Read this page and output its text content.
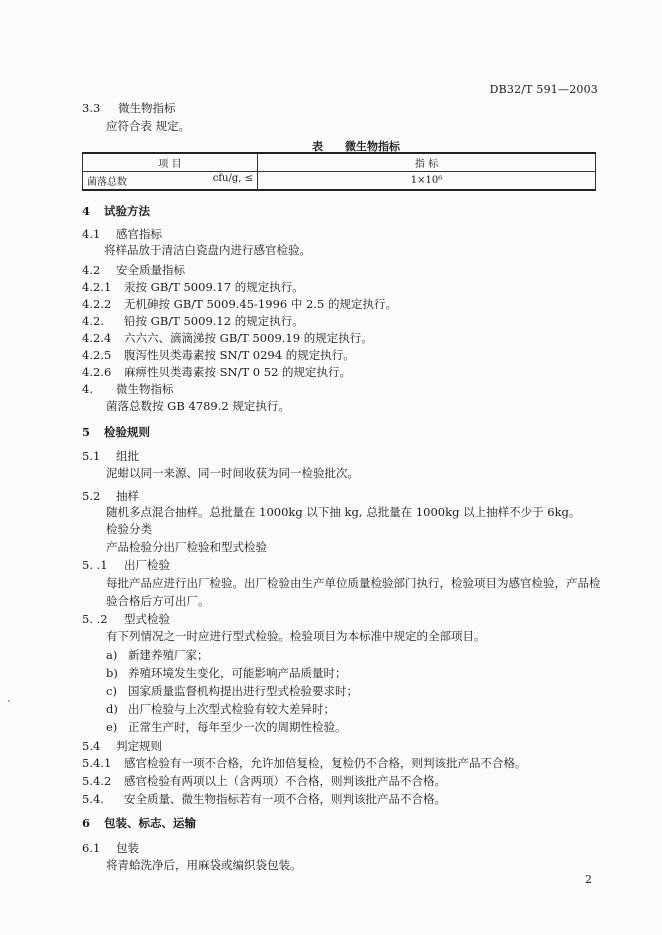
DB32/T 591—2003
3.3 微生物指标
应符合表 规定。
表 微生物指标
项 目	指 标
菌落总数 cfu/g, ≤	1×10⁶
4 试验方法
4.1 感官指标
将样品放于清洁白瓷盘内进行感官检验。
4.2 安全质量指标
4.2.1 汞按 GB/T 5009.17 的规定执行。
4.2.2 无机砷按 GB/T 5009.45-1996 中 2.5 的规定执行。
4.2. 铅按 GB/T 5009.12 的规定执行。
4.2.4 六六六、滴滴涕按 GB/T 5009.19 的规定执行。
4.2.5 腹泻性贝类毒素按 SN/T 0294 的规定执行。
4.2.6 麻痹性贝类毒素按 SN/T 0 52 的规定执行。
4. 微生物指标
菌落总数按 GB 4789.2 规定执行。
5 检验规则
5.1 组批
泥蚶以同一来源、同一时间收获为同一检验批次。
5.2 抽样
随机多点混合抽样。总批量在 1000kg 以下抽 kg, 总批量在 1000kg 以上抽样不少于 6kg。
检验分类
产品检验分出厂检验和型式检验
5. .1 出厂检验
每批产品应进行出厂检验。出厂检验由生产单位质量检验部门执行，检验项目为感官检验，产品检
验合格后方可出厂。
5. .2 型式检验
有下列情况之一时应进行型式检验。检验项目为本标准中规定的全部项目。
a) 新建养殖厂家；
b) 养殖环境发生变化，可能影响产品质量时；
c) 国家质量监督机构提出进行型式检验要求时；
d) 出厂检验与上次型式检验有较大差异时；
e) 正常生产时，每年至少一次的周期性检验。
5.4 判定规则
5.4.1 感官检验有一项不合格，允许加倍复检，复检仍不合格，则判该批产品不合格。
5.4.2 感官检验有两项以上（含两项）不合格，则判该批产品不合格。
5.4. 安全质量、微生物指标若有一项不合格，则判该批产品不合格。
6 包装、标志、运输
6.1 包装
将青蛤洗净后，用麻袋或编织袋包装。
2
